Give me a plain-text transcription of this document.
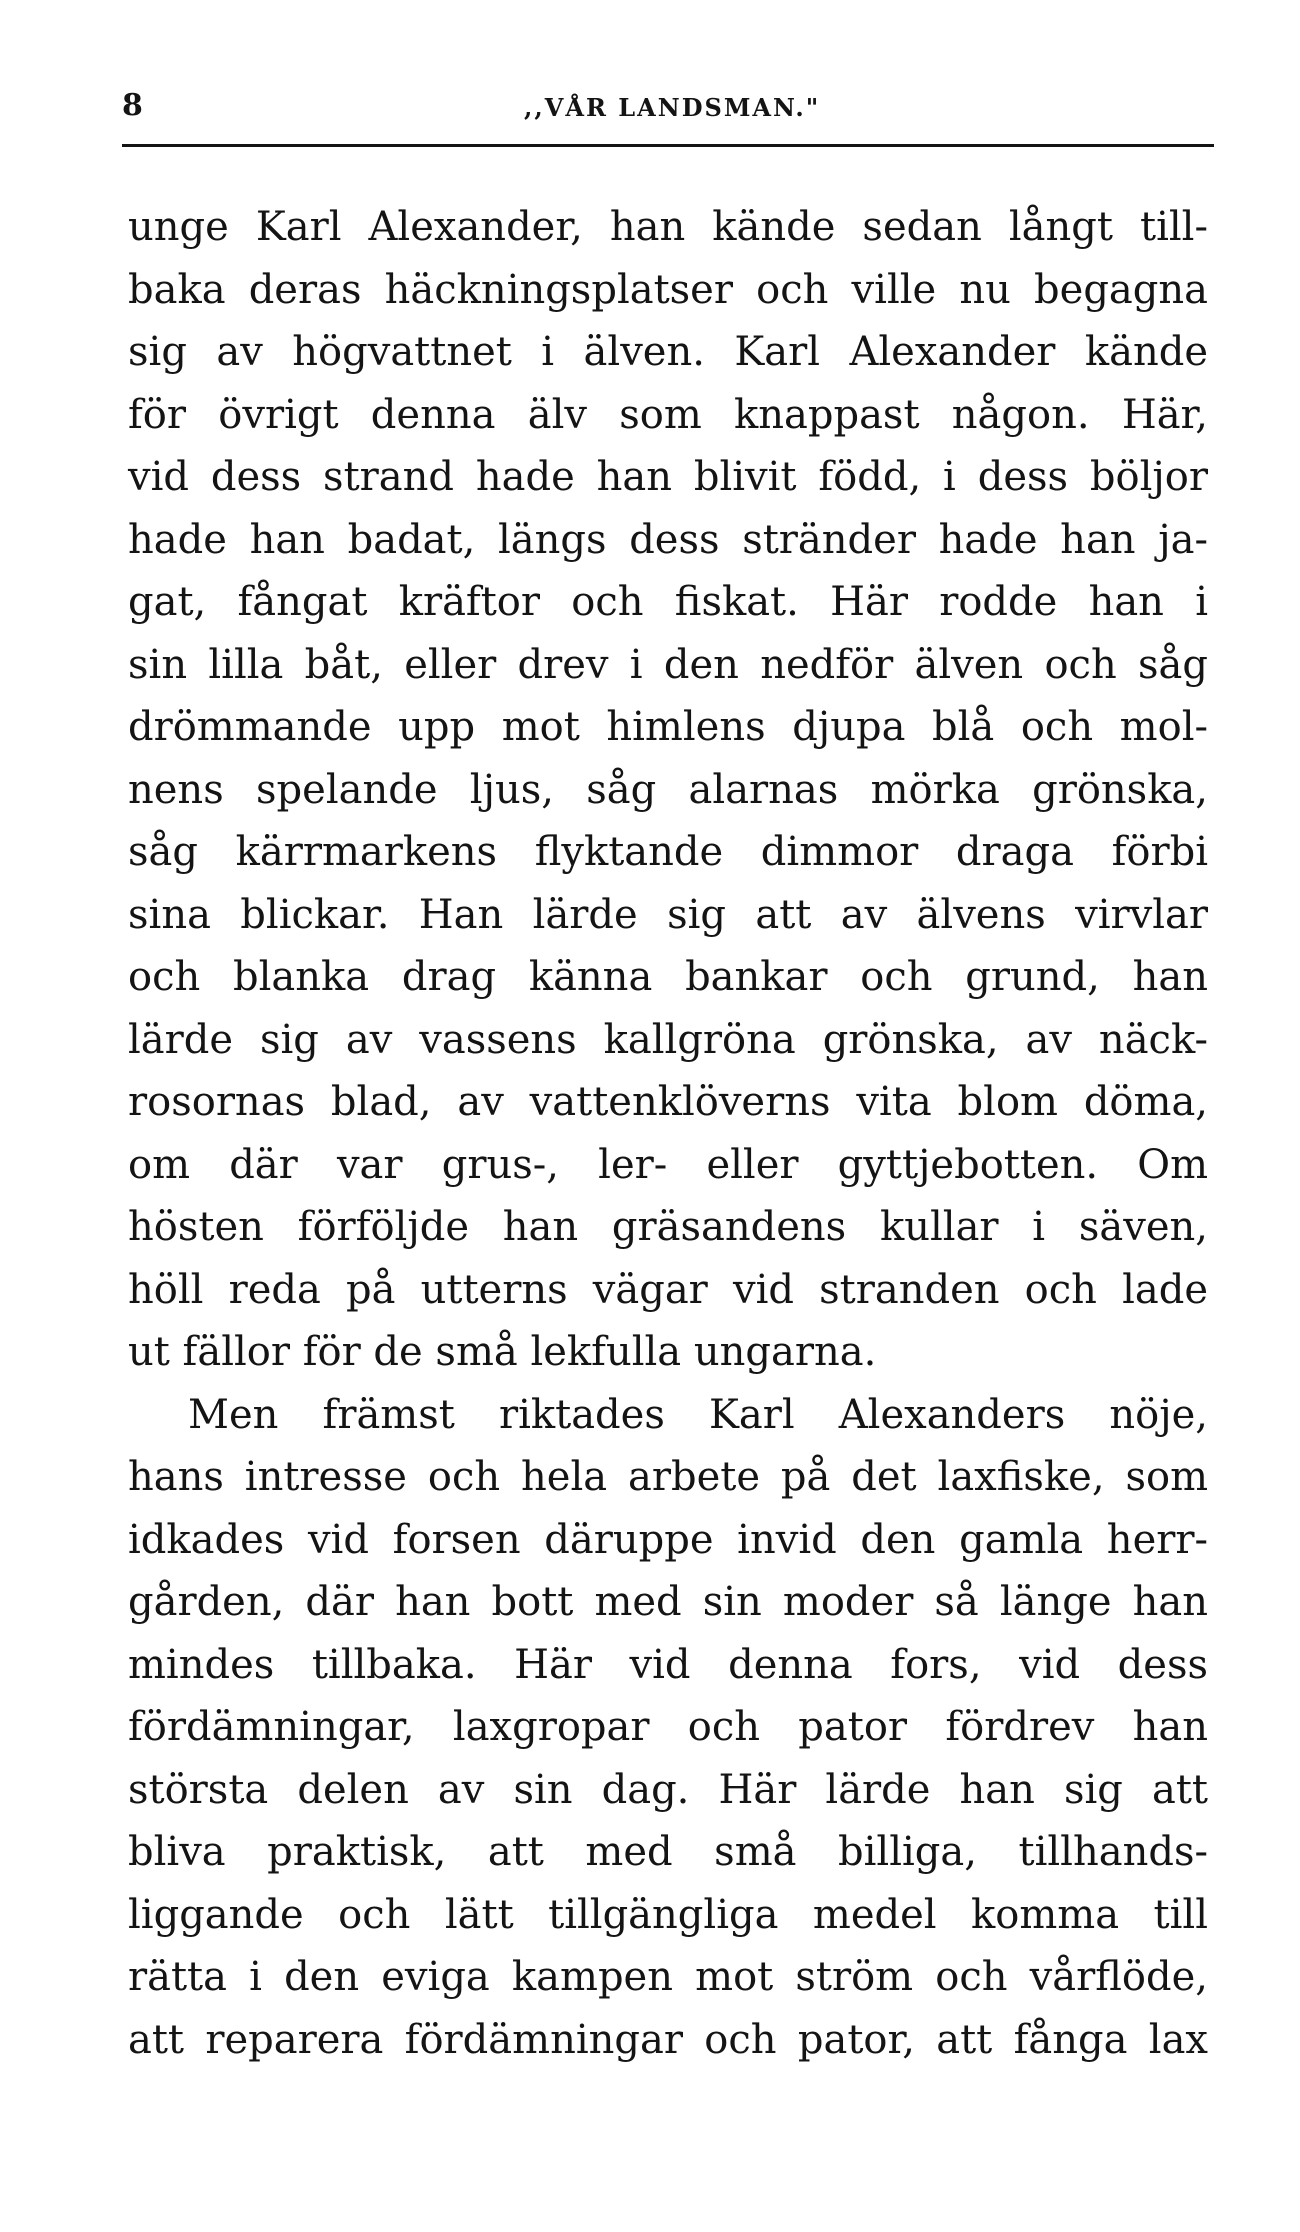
8	,,VÅR LANDSMAN."
unge Karl Alexander, han kände sedan långt till-
baka deras häckningsplatser och ville nu begagna
sig av högvattnet i älven. Karl Alexander kände
för övrigt denna älv som knappast någon. Här,
vid dess strand hade han blivit född, i dess böljor
hade han badat, längs dess stränder hade han ja-
gat, fångat kräftor och fiskat. Här rodde han i
sin lilla båt, eller drev i den nedför älven och såg
drömmande upp mot himlens djupa blå och mol-
nens spelande ljus, såg alarnas mörka grönska,
såg kärrmarkens flyktande dimmor draga förbi
sina blickar. Han lärde sig att av älvens virvlar
och blanka drag känna bankar och grund, han
lärde sig av vassens kallgröna grönska, av näck-
rosornas blad, av vattenklöverns vita blom döma,
om där var grus-, ler- eller gyttjebotten. Om
hösten förföljde han gräsandens kullar i säven,
höll reda på utterns vägar vid stranden och lade
ut fällor för de små lekfulla ungarna.
Men främst riktades Karl Alexanders nöje,
hans intresse och hela arbete på det laxfiske, som
idkades vid forsen däruppe invid den gamla herr-
gården, där han bott med sin moder så länge han
mindes tillbaka. Här vid denna fors, vid dess
fördämningar, laxgropar och pator fördrev han
största delen av sin dag. Här lärde han sig att
bliva praktisk, att med små billiga, tillhands-
liggande och lätt tillgängliga medel komma till
rätta i den eviga kampen mot ström och vårflöde,
att reparera fördämningar och pator, att fånga lax
